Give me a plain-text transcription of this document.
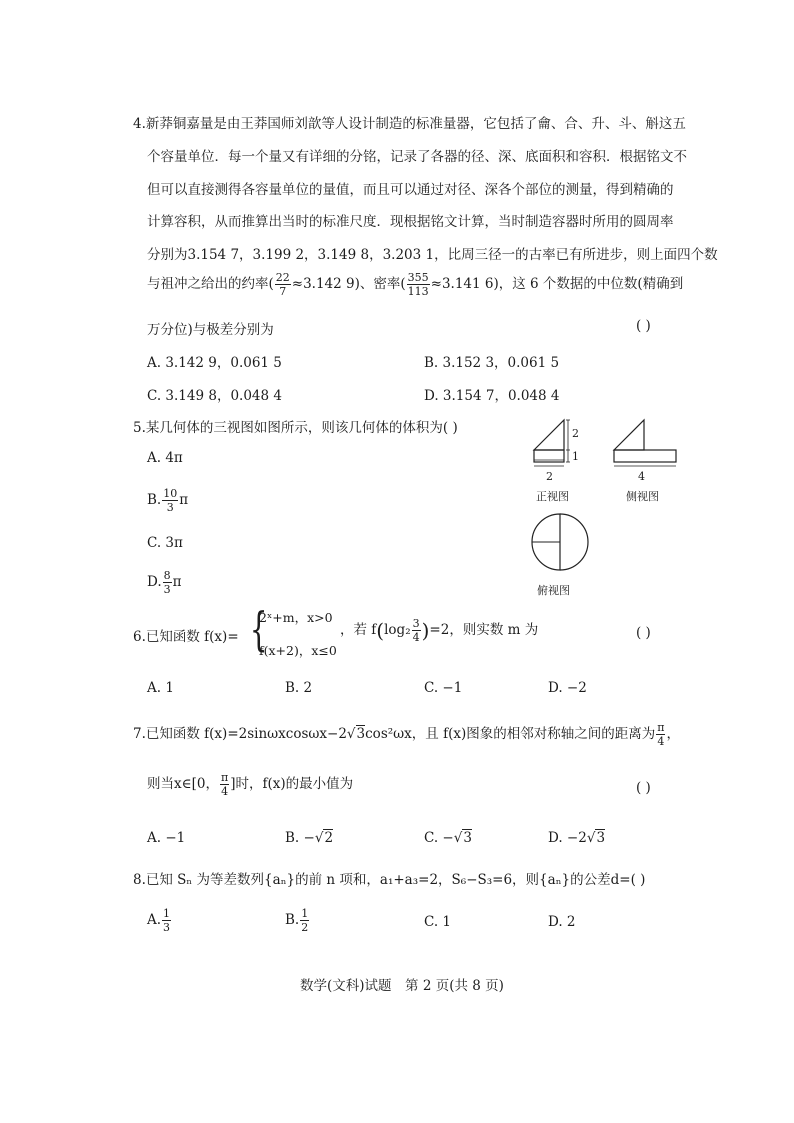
4.新莽铜嘉量是由王莽国师刘歆等人设计制造的标准量器，它包括了龠、合、升、斗、斛这五
个容量单位．每一个量又有详细的分铭，记录了各器的径、深、底面积和容积．根据铭文不
但可以直接测得各容量单位的量值，而且可以通过对径、深各个部位的测量，得到精确的
计算容积，从而推算出当时的标准尺度．现根据铭文计算，当时制造容器时所用的圆周率
分别为3.154 7，3.199 2，3.149 8，3.203 1，比周三径一的古率已有所进步，则上面四个数
与祖冲之给出的约率( $\frac{22}{7} \approx 3.142$ 9)、密率( $\frac{355}{113} \approx 3.141$ 6)，这 6 个数据的中位数(精确到
万分位)与极差分别为	( )
A. 3.142 9，0.061 5	B. 3.152 3，0.061 5
C. 3.149 8，0.048 4	D. 3.154 7，0.048 4
5.某几何体的三视图如图所示，则该几何体的体积为( )
A. 4π
B. $\frac{10}{3}$ π
C. 3π
D. $\frac{8}{3}$ π
2
1
2
正视图
4
侧视图
俯视图
6.已知函数 f(x)= {
2ˣ+m，x>0
f(x+2)，x≤0
，若 $f(\log_2 \frac{3}{4} )=2$，则实数 m 为	( )
A. 1	B. 2	C. −1	D. −2
7.已知函数 f(x)=2sinωxcosωx−2√3cos²ωx，且 f(x)图象的相邻对称轴之间的距离为 $\frac{\pi}{4}$ ，
则当x∈[0， $\frac{\pi}{4}$ ]时，f(x)的最小值为	( )
A. −1	B. −√2	C. −√3	D. −2√3
8.已知 Sₙ 为等差数列{aₙ}的前 n 项和，a₁+a₃=2，S₆−S₃=6，则{aₙ}的公差d=( )
A. $\frac{1}{3}$	B. $\frac{1}{2}$	C. 1	D. 2
数学(文科)试题　第 2 页(共 8 页)
